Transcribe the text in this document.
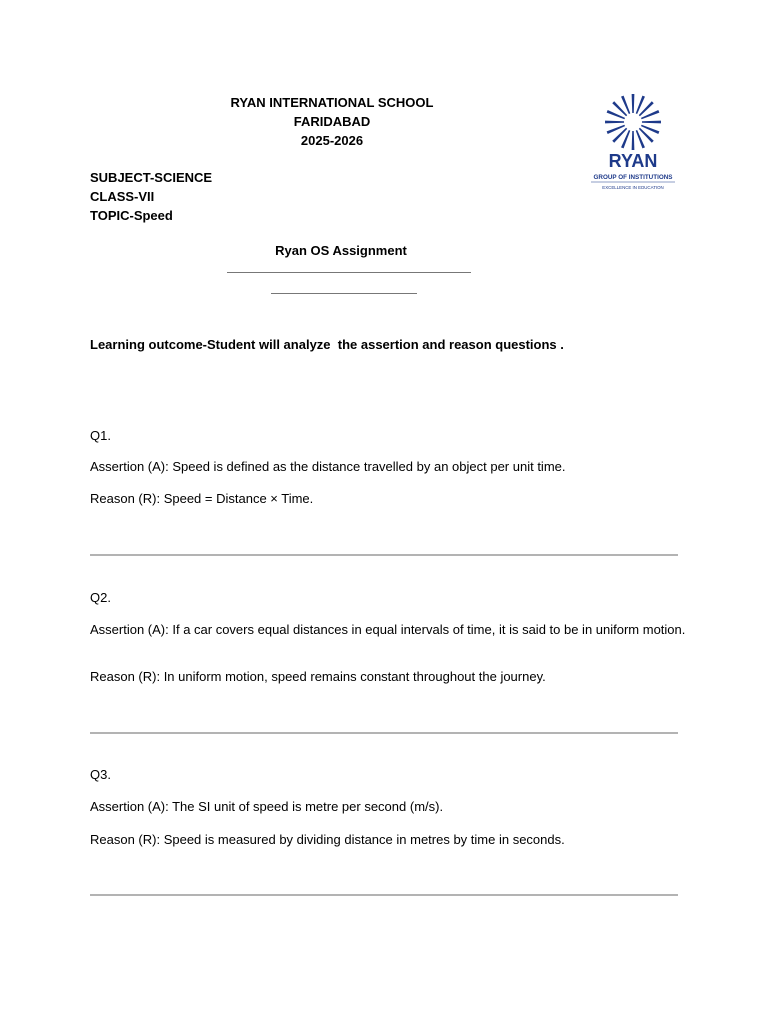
RYAN INTERNATIONAL SCHOOL
FARIDABAD
2025-2026
SUBJECT-SCIENCE
CLASS-VII
TOPIC-Speed
RYAN
GROUP OF INSTITUTIONS
EXCELLENCE IN EDUCATION
Ryan OS Assignment
Learning outcome-Student will analyze  the assertion and reason questions .
Q1.
Assertion (A): Speed is defined as the distance travelled by an object per unit time.
Reason (R): Speed = Distance × Time.
Q2.
Assertion (A): If a car covers equal distances in equal intervals of time, it is said to be in uniform motion.
Reason (R): In uniform motion, speed remains constant throughout the journey.
Q3.
Assertion (A): The SI unit of speed is metre per second (m/s).
Reason (R): Speed is measured by dividing distance in metres by time in seconds.
